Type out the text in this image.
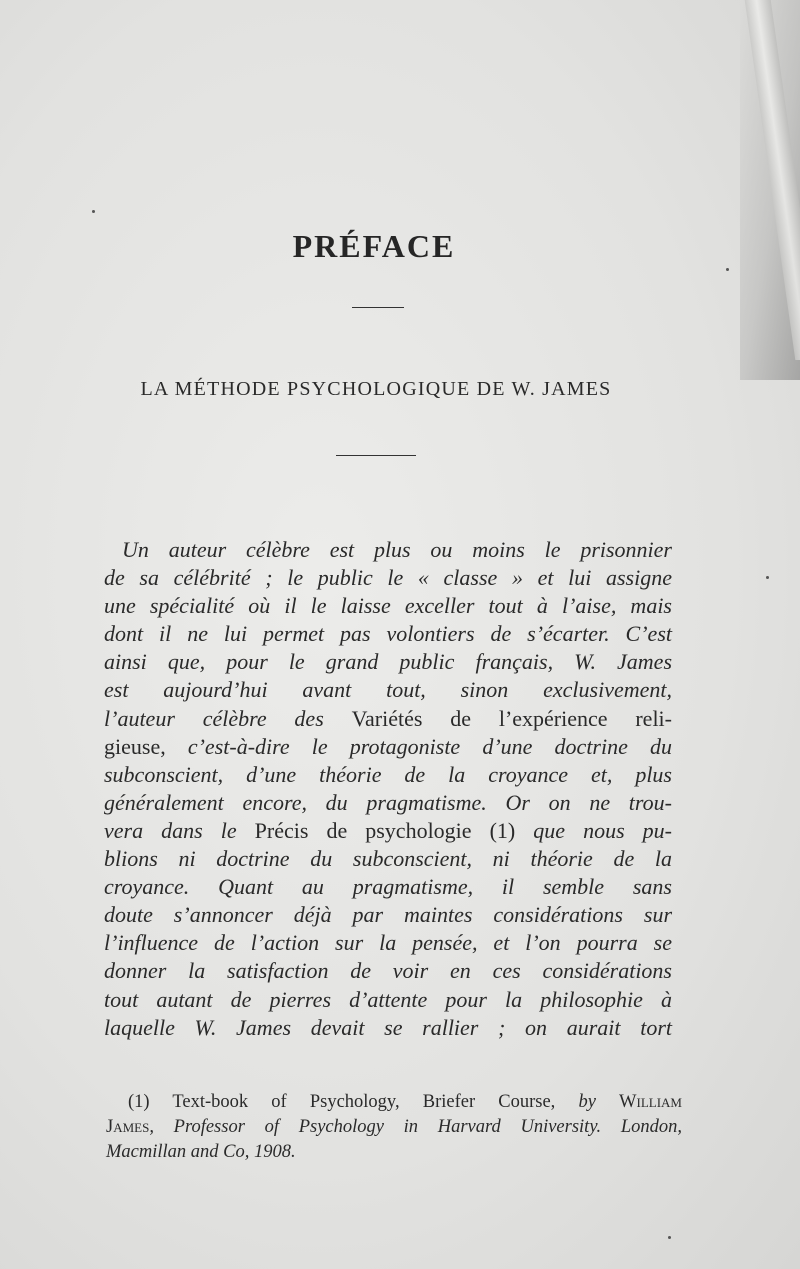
PRÉFACE
LA MÉTHODE PSYCHOLOGIQUE DE W. JAMES
Un auteur célèbre est plus ou moins le prisonnier
de sa célébrité ; le public le « classe » et lui assigne
une spécialité où il le laisse exceller tout à l’aise, mais
dont il ne lui permet pas volontiers de s’écarter. C’est
ainsi que, pour le grand public français, W. James
est aujourd’hui avant tout, sinon exclusivement,
l’auteur célèbre des Variétés de l’expérience reli-
gieuse, c’est-à-dire le protagoniste d’une doctrine du
subconscient, d’une théorie de la croyance et, plus
généralement encore, du pragmatisme. Or on ne trou-
vera dans le Précis de psychologie (1) que nous pu-
blions ni doctrine du subconscient, ni théorie de la
croyance. Quant au pragmatisme, il semble sans
doute s’annoncer déjà par maintes considérations sur
l’influence de l’action sur la pensée, et l’on pourra se
donner la satisfaction de voir en ces considérations
tout autant de pierres d’attente pour la philosophie à
laquelle W. James devait se rallier ; on aurait tort
(1) Text-book of Psychology, Briefer Course, by William
James, Professor of Psychology in Harvard University. London,
Macmillan and Co, 1908.
